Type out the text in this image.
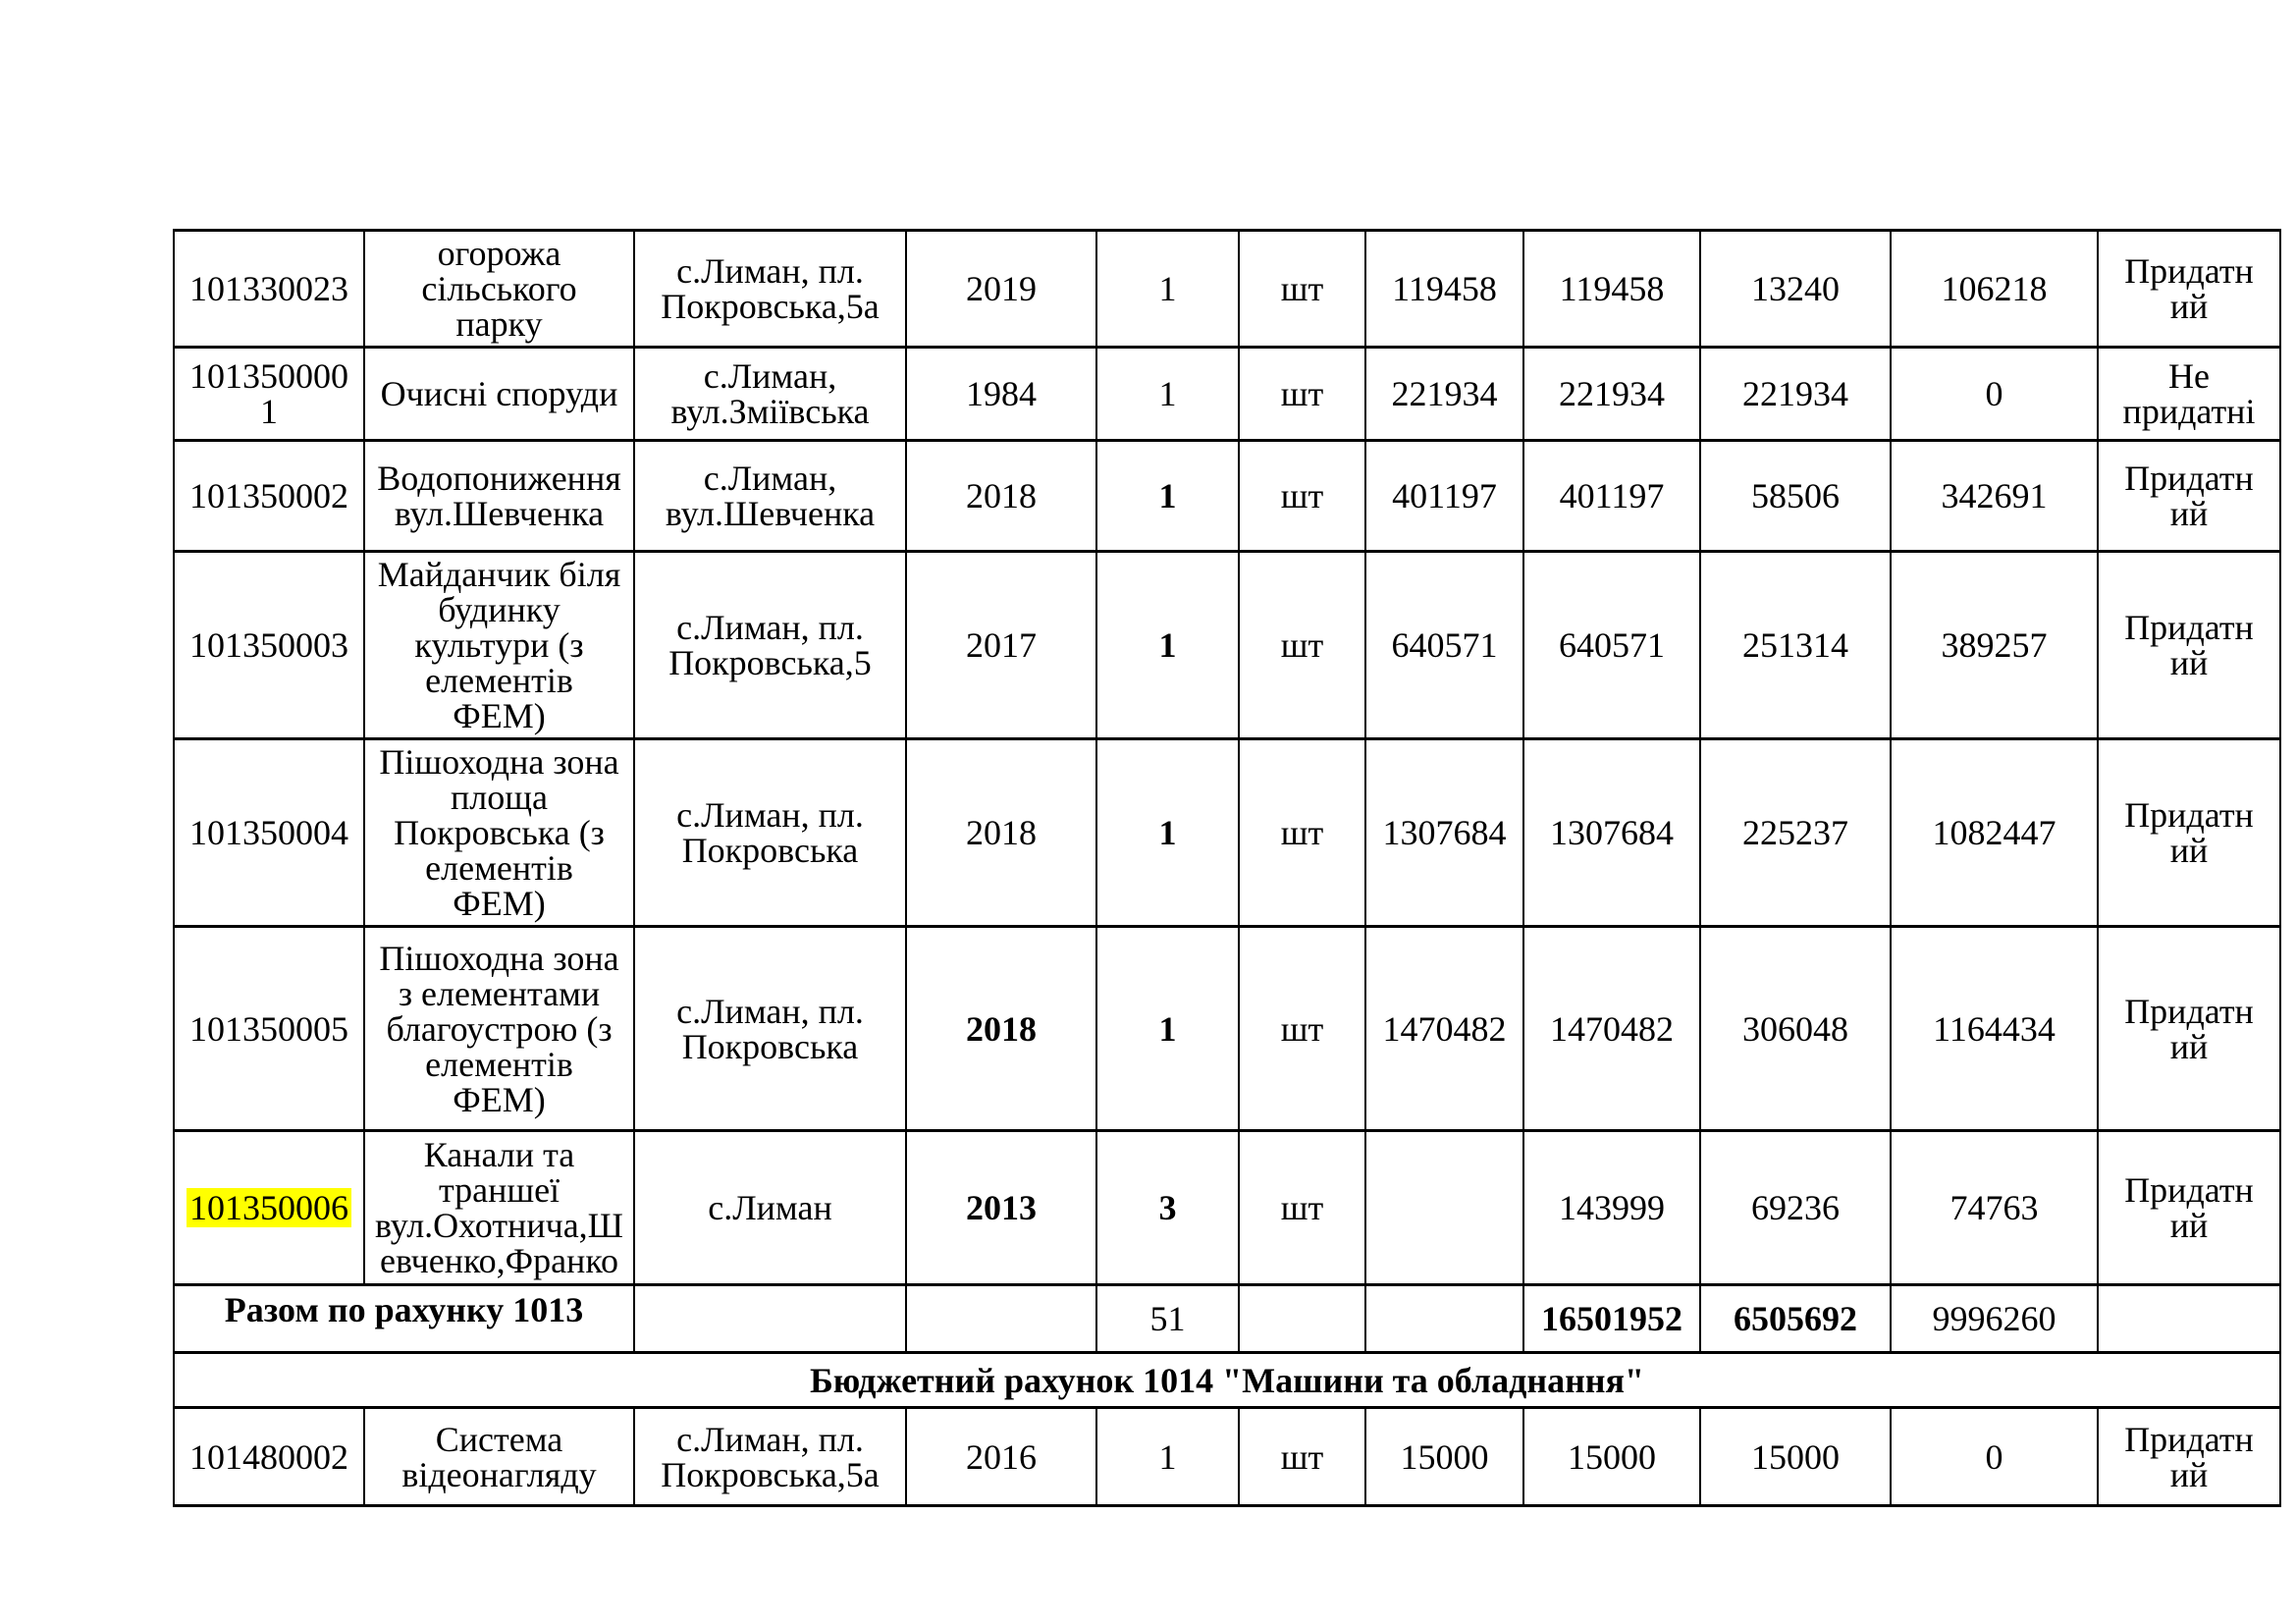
101330023	огорожа сільського парку	с.Лиман, пл. Покровська,5а	2019	1	шт	119458	119458	13240	106218	Придатний
1013500001	Очисні споруди	с.Лиман, вул.Зміївська	1984	1	шт	221934	221934	221934	0	Не придатні
101350002	Водопониження вул.Шевченка	с.Лиман, вул.Шевченка	2018	1	шт	401197	401197	58506	342691	Придатний
101350003	Майданчик біля будинку культури (з елементів ФЕМ)	с.Лиман, пл. Покровська,5	2017	1	шт	640571	640571	251314	389257	Придатний
101350004	Пішоходна зона площа Покровська (з елементів ФЕМ)	с.Лиман, пл. Покровська	2018	1	шт	1307684	1307684	225237	1082447	Придатний
101350005	Пішоходна зона з елементами благоустрою (з елементів ФЕМ)	с.Лиман, пл. Покровська	2018	1	шт	1470482	1470482	306048	1164434	Придатний
101350006	Канали та траншеї вул.Охотнича,Шевченко,Франко	с.Лиман	2013	3	шт		143999	69236	74763	Придатний
Разом по рахунку 1013				51			16501952	6505692	9996260	
Бюджетний рахунок 1014 "Машини та обладнання"										
101480002	Система відеонагляду	с.Лиман, пл. Покровська,5а	2016	1	шт	15000	15000	15000	0	Придатний
